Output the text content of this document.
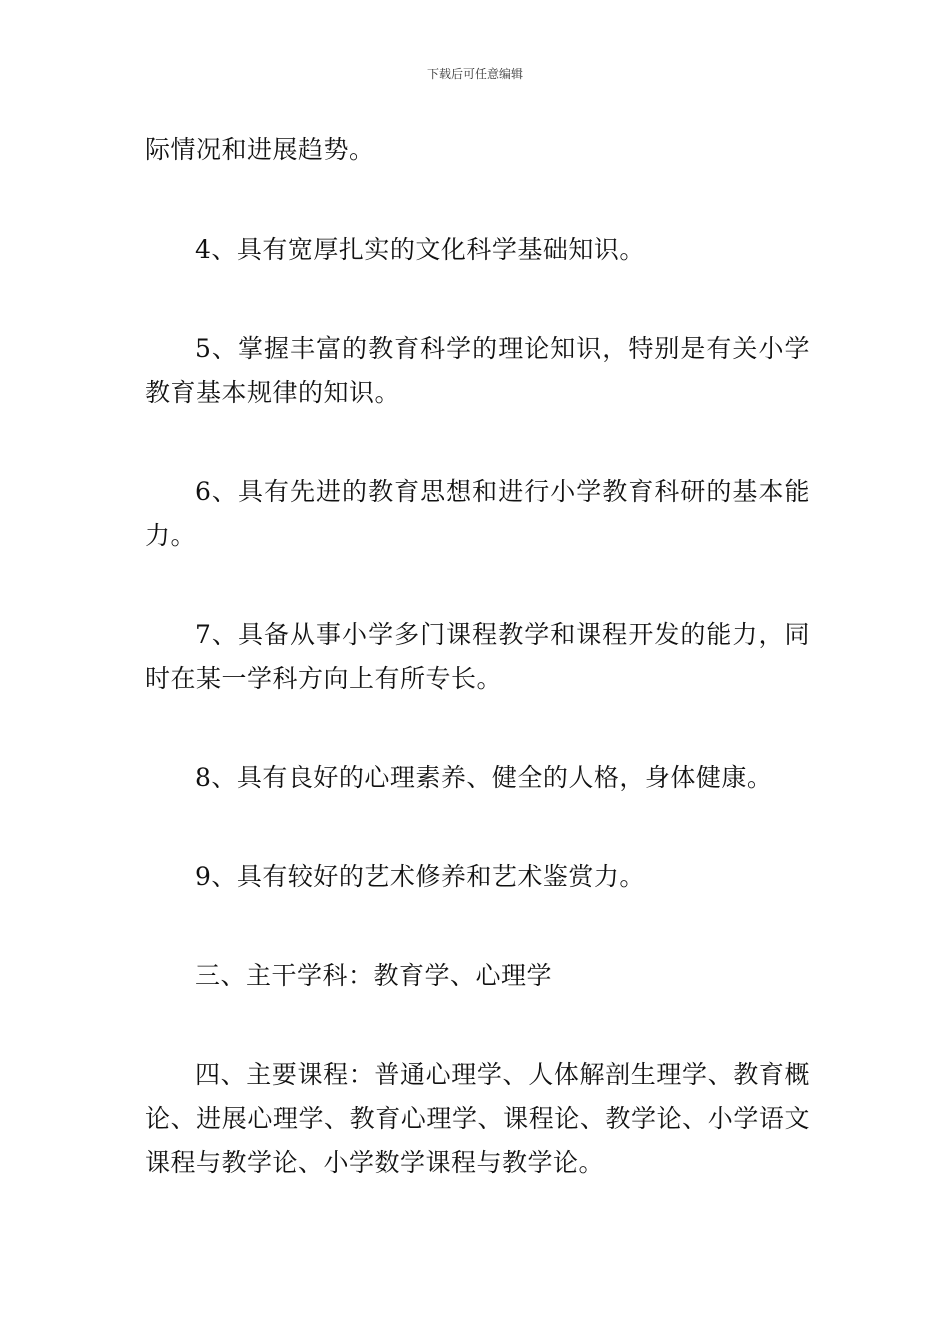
下载后可任意编辑

际情况和进展趋势。

4、具有宽厚扎实的文化科学基础知识。

5、掌握丰富的教育科学的理论知识，特别是有关小学教育基本规律的知识。

6、具有先进的教育思想和进行小学教育科研的基本能力。

7、具备从事小学多门课程教学和课程开发的能力，同时在某一学科方向上有所专长。

8、具有良好的心理素养、健全的人格，身体健康。

9、具有较好的艺术修养和艺术鉴赏力。

三、主干学科：教育学、心理学

四、主要课程：普通心理学、人体解剖生理学、教育概论、进展心理学、教育心理学、课程论、教学论、小学语文课程与教学论、小学数学课程与教学论。
